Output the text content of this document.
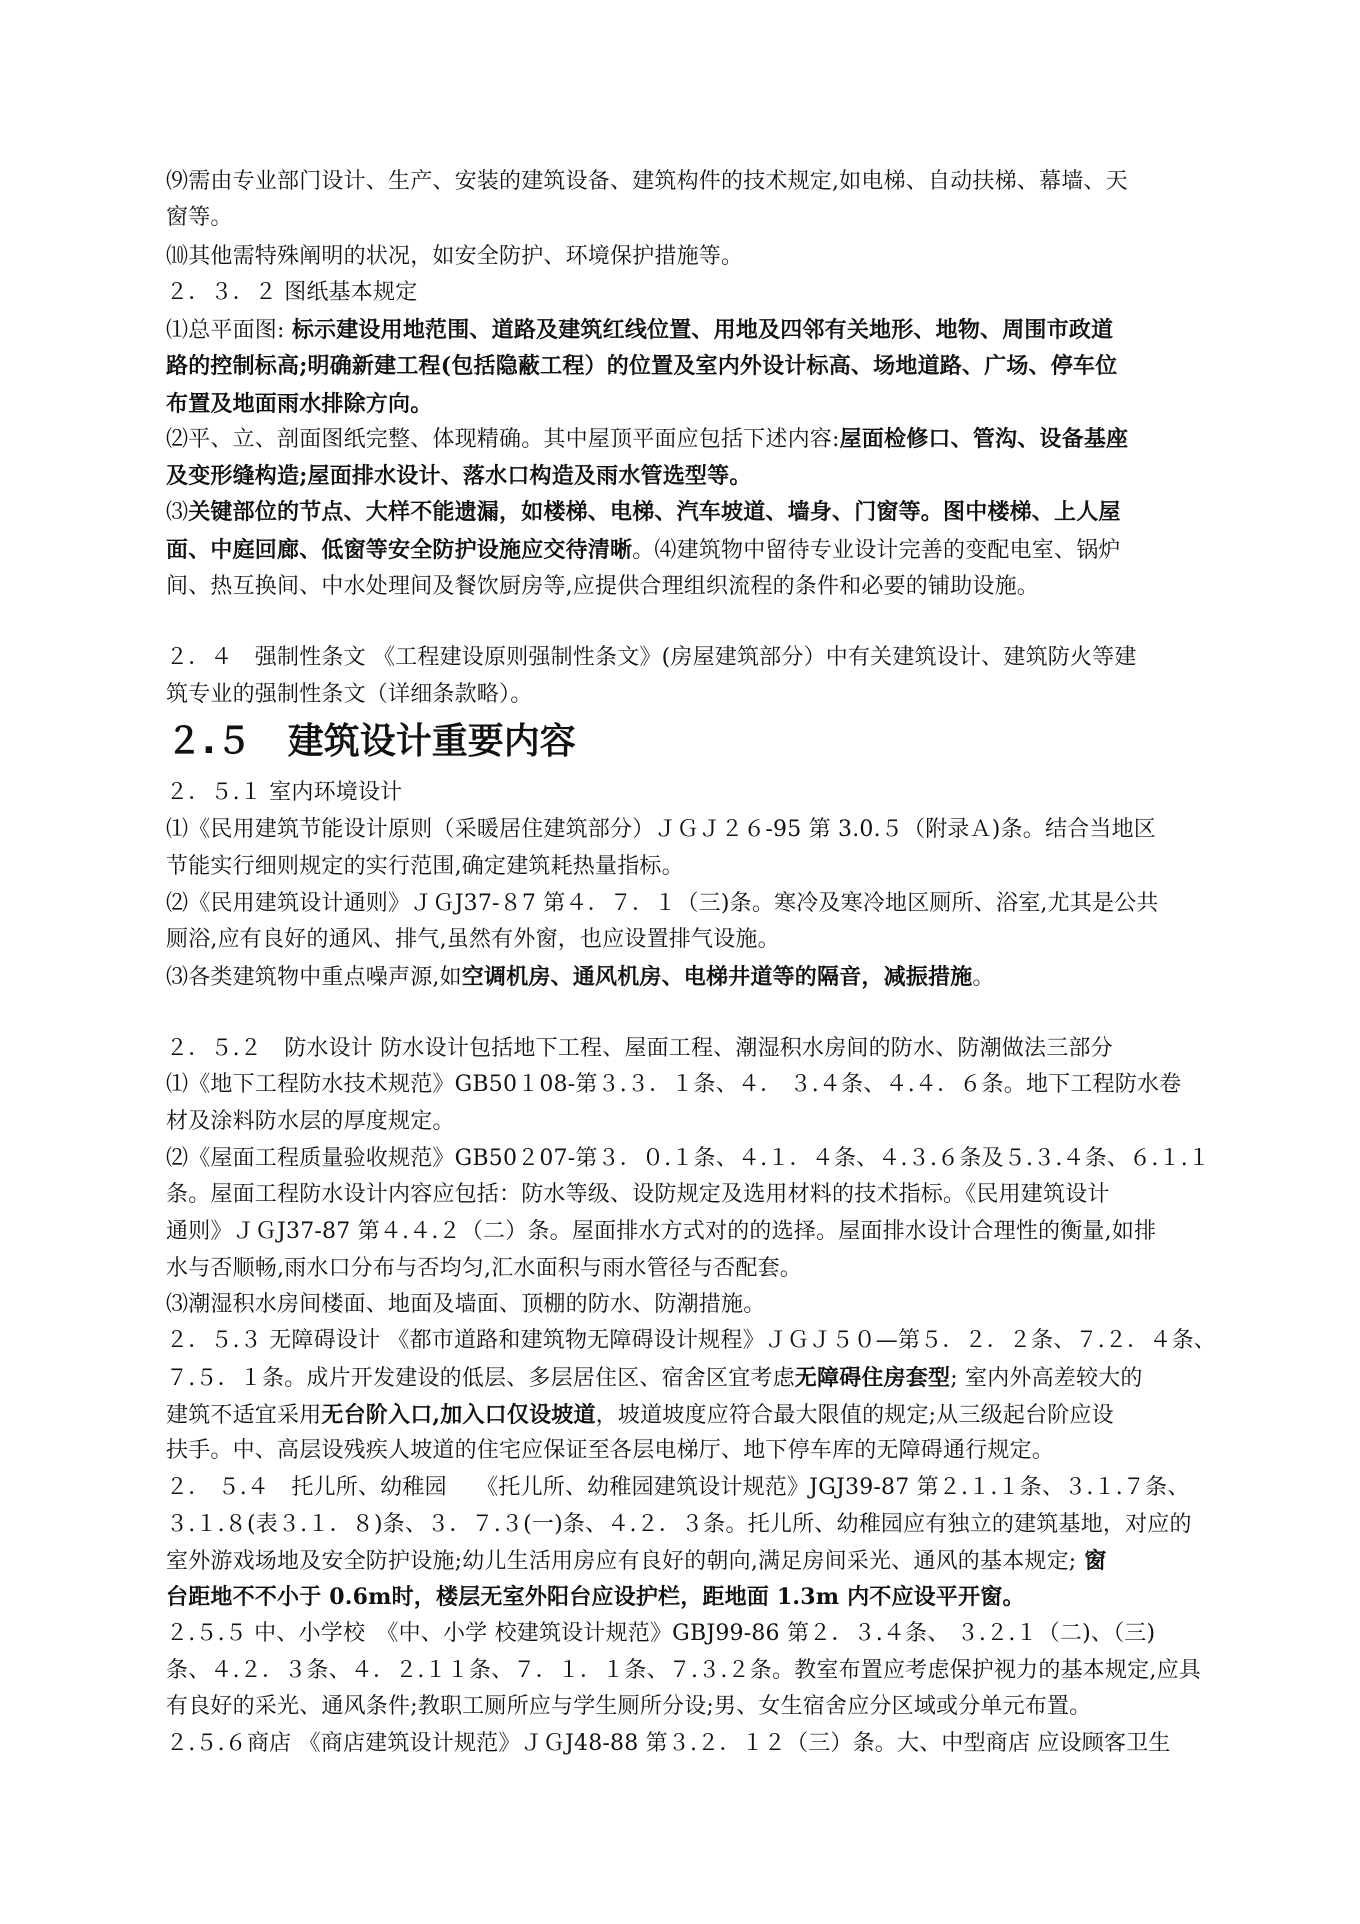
⑼需由专业部门设计、生产、安装的建筑设备、建筑构件的技术规定,如电梯、自动扶梯、幕墙、天
窗等。
⑽其他需特殊阐明的状况，如安全防护、环境保护措施等。
２．３．２ 图纸基本规定
⑴总平面图: 标示建设用地范围、道路及建筑红线位置、用地及四邻有关地形、地物、周围市政道
路的控制标高;明确新建工程(包括隐蔽工程）的位置及室内外设计标高、场地道路、广场、停车位
布置及地面雨水排除方向。
⑵平、立、剖面图纸完整、体现精确。其中屋顶平面应包括下述内容:屋面检修口、管沟、设备基座
及变形缝构造;屋面排水设计、落水口构造及雨水管选型等。
⑶关键部位的节点、大样不能遗漏，如楼梯、电梯、汽车坡道、墙身、门窗等。图中楼梯、上人屋
面、中庭回廊、低窗等安全防护设施应交待清晰。⑷建筑物中留待专业设计完善的变配电室、锅炉
间、热互换间、中水处理间及餐饮厨房等,应提供合理组织流程的条件和必要的铺助设施。
２．４　强制性条文 《工程建设原则强制性条文》(房屋建筑部分）中有关建筑设计、建筑防火等建
筑专业的强制性条文（详细条款略）。
２.５ 建筑设计重要内容
２．５.１ 室内环境设计
⑴《民用建筑节能设计原则（采暖居住建筑部分）ＪＧＪ２６-95 第 3.0.５（附录Ａ)条。结合当地区
节能实行细则规定的实行范围,确定建筑耗热量指标。
⑵《民用建筑设计通则》ＪＧJ37-８7 第４．７．１（三)条。寒冷及寒冷地区厕所、浴室,尤其是公共
厕浴,应有良好的通风、排气,虽然有外窗，也应设置排气设施。
⑶各类建筑物中重点噪声源,如空调机房、通风机房、电梯井道等的隔音，减振措施。
２．５.２　防水设计 防水设计包括地下工程、屋面工程、潮湿积水房间的防水、防潮做法三部分
⑴《地下工程防水技术规范》GB50１08-第３.３．１条、４． ３.４条、４.４．６条。地下工程防水卷
材及涂料防水层的厚度规定。
⑵《屋面工程质量验收规范》GB50２07-第３．０.１条、４.１．４条、４.３.６条及５.３.４条、６.１.１
条。屋面工程防水设计内容应包括：防水等级、设防规定及选用材料的技术指标。《民用建筑设计
通则》ＪＧJ37-87 第４.４.２（二）条。屋面排水方式对的的选择。屋面排水设计合理性的衡量,如排
水与否顺畅,雨水口分布与否均匀,汇水面积与雨水管径与否配套。
⑶潮湿积水房间楼面、地面及墙面、顶棚的防水、防潮措施。
２．５.３ 无障碍设计 《都市道路和建筑物无障碍设计规程》ＪＧＪ５０—第５．２．２条、７.２．４条、
７.５．１条。成片开发建设的低层、多层居住区、宿舍区宜考虑无障碍住房套型; 室内外高差较大的
建筑不适宜采用无台阶入口,加入口仅设坡道，坡道坡度应符合最大限值的规定;从三级起台阶应设
扶手。中、高层设残疾人坡道的住宅应保证至各层电梯厅、地下停车库的无障碍通行规定。
２． ５.４　托儿所、幼稚园　 《托儿所、幼稚园建筑设计规范》JGJ39-87 第２.１.１条、３.１.７条、
３.１.８(表３.１．８)条、３．７.３(一)条、４.２．３条。托儿所、幼稚园应有独立的建筑基地，对应的
室外游戏场地及安全防护设施;幼儿生活用房应有良好的朝向,满足房间采光、通风的基本规定; 窗
台距地不不小于 0.6m时，楼层无室外阳台应设护栏，距地面 1.3m 内不应设平开窗。
２.５.５ 中、小学校　《中、小学 校建筑设计规范》GBJ99-86 第２．３.４条、 ３.２.１（二)、（三)
条、４.２．３条、４．２.１１条、７．１．１条、７.３.２条。教室布置应考虑保护视力的基本规定,应具
有良好的采光、通风条件;教职工厕所应与学生厕所分设;男、女生宿舍应分区域或分单元布置。
２.５.６商店 《商店建筑设计规范》ＪＧJ48-88 第３.２．１２（三）条。大、中型商店 应设顾客卫生
